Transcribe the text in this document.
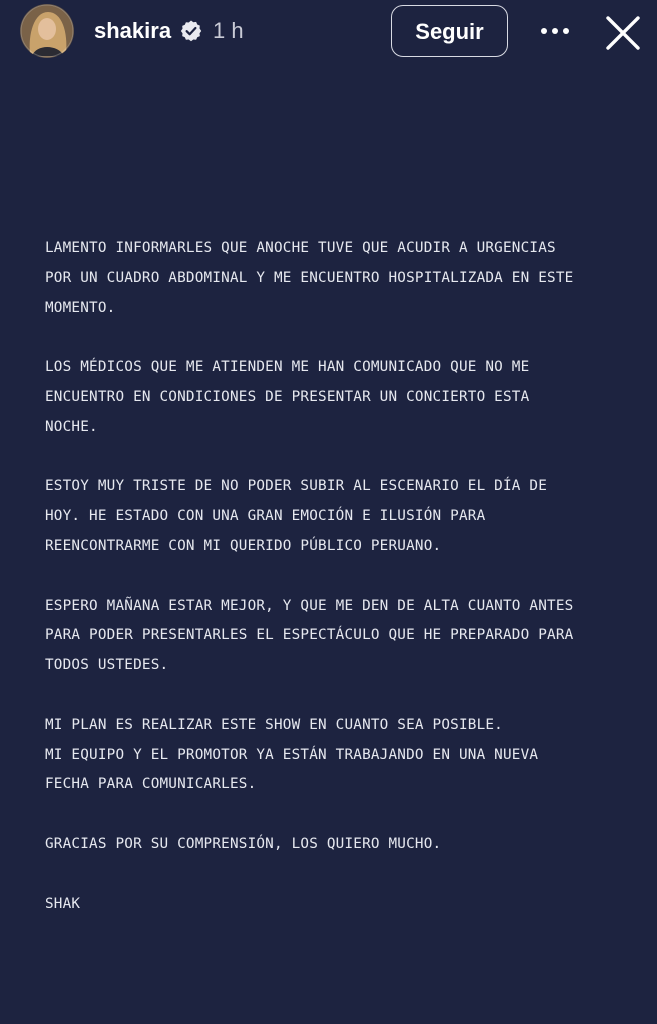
shakira 1 h	Seguir

LAMENTO INFORMARLES QUE ANOCHE TUVE QUE ACUDIR A URGENCIAS
POR UN CUADRO ABDOMINAL Y ME ENCUENTRO HOSPITALIZADA EN ESTE
MOMENTO.

LOS MÉDICOS QUE ME ATIENDEN ME HAN COMUNICADO QUE NO ME
ENCUENTRO EN CONDICIONES DE PRESENTAR UN CONCIERTO ESTA
NOCHE.

ESTOY MUY TRISTE DE NO PODER SUBIR AL ESCENARIO EL DÍA DE
HOY. HE ESTADO CON UNA GRAN EMOCIÓN E ILUSIÓN PARA
REENCONTRARME CON MI QUERIDO PÚBLICO PERUANO.

ESPERO MAÑANA ESTAR MEJOR, Y QUE ME DEN DE ALTA CUANTO ANTES
PARA PODER PRESENTARLES EL ESPECTÁCULO QUE HE PREPARADO PARA
TODOS USTEDES.

MI PLAN ES REALIZAR ESTE SHOW EN CUANTO SEA POSIBLE.
MI EQUIPO Y EL PROMOTOR YA ESTÁN TRABAJANDO EN UNA NUEVA
FECHA PARA COMUNICARLES.

GRACIAS POR SU COMPRENSIÓN, LOS QUIERO MUCHO.

SHAK
